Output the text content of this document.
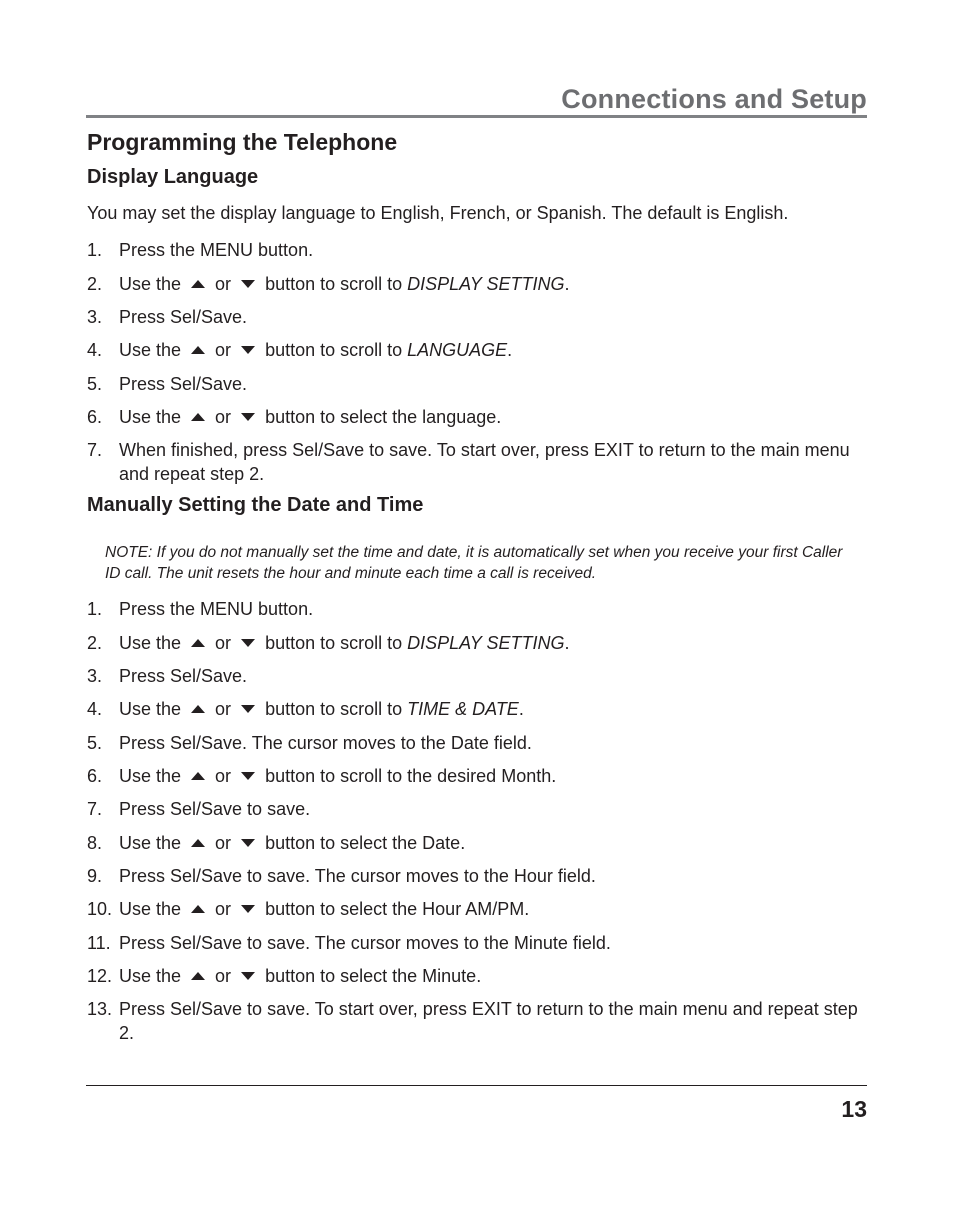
Connections and Setup
Programming the Telephone
Display Language
You may set the display language to English, French, or Spanish. The default is English.
1. Press the MENU button.
2. Use the or button to scroll to DISPLAY SETTING.
3. Press Sel/Save.
4. Use the or button to scroll to LANGUAGE.
5. Press Sel/Save.
6. Use the or button to select the language.
7. When finished, press Sel/Save to save. To start over, press EXIT to return to the main menu and repeat step 2.
Manually Setting the Date and Time
NOTE: If you do not manually set the time and date, it is automatically set when you receive your first Caller ID call. The unit resets the hour and minute each time a call is received.
1. Press the MENU button.
2. Use the or button to scroll to DISPLAY SETTING.
3. Press Sel/Save.
4. Use the or button to scroll to TIME & DATE.
5. Press Sel/Save. The cursor moves to the Date field.
6. Use the or button to scroll to the desired Month.
7. Press Sel/Save to save.
8. Use the or button to select the Date.
9. Press Sel/Save to save. The cursor moves to the Hour field.
10. Use the or button to select the Hour AM/PM.
11. Press Sel/Save to save. The cursor moves to the Minute field.
12. Use the or button to select the Minute.
13. Press Sel/Save to save. To start over, press EXIT to return to the main menu and repeat step 2.
13
